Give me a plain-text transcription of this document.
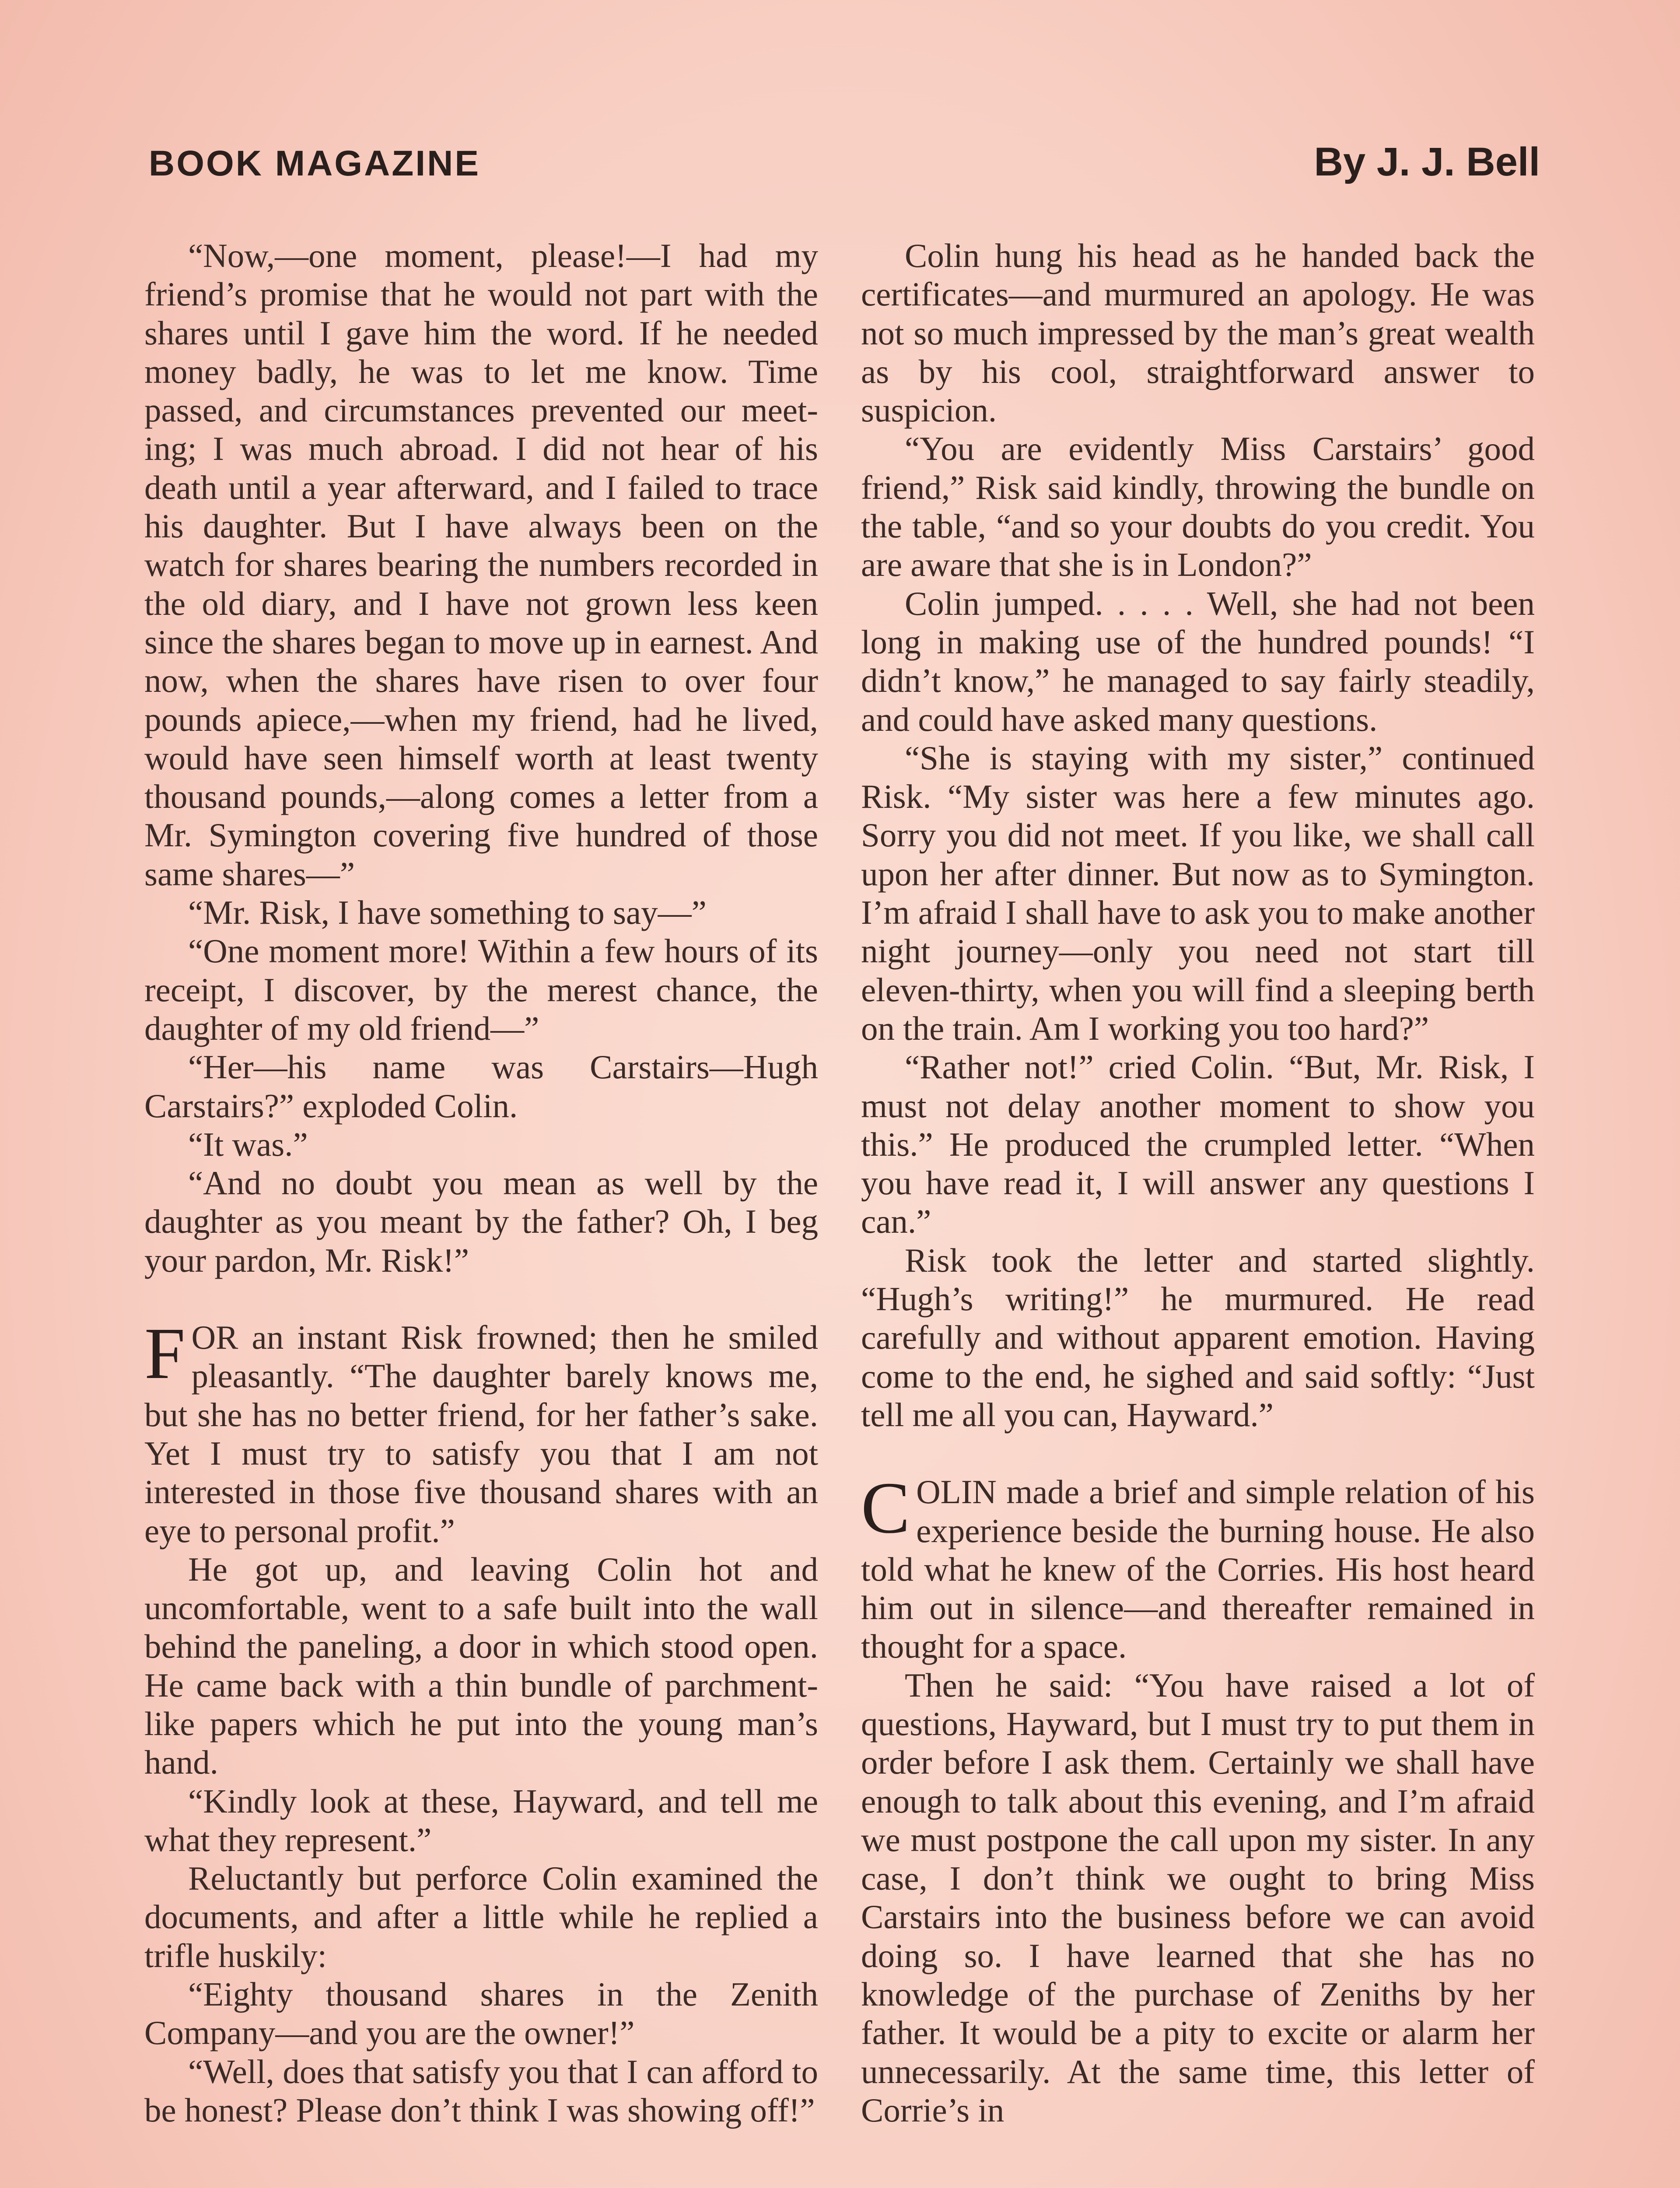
BOOK MAGAZINE	By J. J. Bell

“Now,—one moment, please!—I had my friend’s promise that he would not part with the shares until I gave him the word. If he needed money badly, he was to let me know. Time passed, and circumstances prevented our meeting; I was much abroad. I did not hear of his death until a year afterward, and I failed to trace his daughter. But I have always been on the watch for shares bearing the numbers recorded in the old diary, and I have not grown less keen since the shares began to move up in earnest. And now, when the shares have risen to over four pounds apiece,—when my friend, had he lived, would have seen himself worth at least twenty thousand pounds,—along comes a letter from a Mr. Symington covering five hundred of those same shares—”

“Mr. Risk, I have something to say—”

“One moment more! Within a few hours of its receipt, I discover, by the merest chance, the daughter of my old friend—”

“Her—his name was Carstairs—Hugh Carstairs?” exploded Colin.

“It was.”

“And no doubt you mean as well by the daughter as you meant by the father? Oh, I beg your pardon, Mr. Risk!”

FOR an instant Risk frowned; then he smiled pleasantly. “The daughter barely knows me, but she has no better friend, for her father’s sake. Yet I must try to satisfy you that I am not interested in those five thousand shares with an eye to personal profit.”

He got up, and leaving Colin hot and uncomfortable, went to a safe built into the wall behind the paneling, a door in which stood open. He came back with a thin bundle of parchment-like papers which he put into the young man’s hand.

“Kindly look at these, Hayward, and tell me what they represent.”

Reluctantly but perforce Colin examined the documents, and after a little while he replied a trifle huskily:

“Eighty thousand shares in the Zenith Company—and you are the owner!”

“Well, does that satisfy you that I can afford to be honest? Please don’t think I was showing off!”

Colin hung his head as he handed back the certificates—and murmured an apology. He was not so much impressed by the man’s great wealth as by his cool, straightforward answer to suspicion.

“You are evidently Miss Carstairs’ good friend,” Risk said kindly, throwing the bundle on the table, “and so your doubts do you credit. You are aware that she is in London?”

Colin jumped. . . . . Well, she had not been long in making use of the hundred pounds! “I didn’t know,” he managed to say fairly steadily, and could have asked many questions.

“She is staying with my sister,” continued Risk. “My sister was here a few minutes ago. Sorry you did not meet. If you like, we shall call upon her after dinner. But now as to Symington. I’m afraid I shall have to ask you to make another night journey—only you need not start till eleven-thirty, when you will find a sleeping berth on the train. Am I working you too hard?”

“Rather not!” cried Colin. “But, Mr. Risk, I must not delay another moment to show you this.” He produced the crumpled letter. “When you have read it, I will answer any questions I can.”

Risk took the letter and started slightly. “Hugh’s writing!” he murmured. He read carefully and without apparent emotion. Having come to the end, he sighed and said softly: “Just tell me all you can, Hayward.”

COLIN made a brief and simple relation of his experience beside the burning house. He also told what he knew of the Corries. His host heard him out in silence—and thereafter remained in thought for a space.

Then he said: “You have raised a lot of questions, Hayward, but I must try to put them in order before I ask them. Certainly we shall have enough to talk about this evening, and I’m afraid we must postpone the call upon my sister. In any case, I don’t think we ought to bring Miss Carstairs into the business before we can avoid doing so. I have learned that she has no knowledge of the purchase of Zeniths by her father. It would be a pity to excite or alarm her unnecessarily. At the same time, this letter of Corrie’s in
